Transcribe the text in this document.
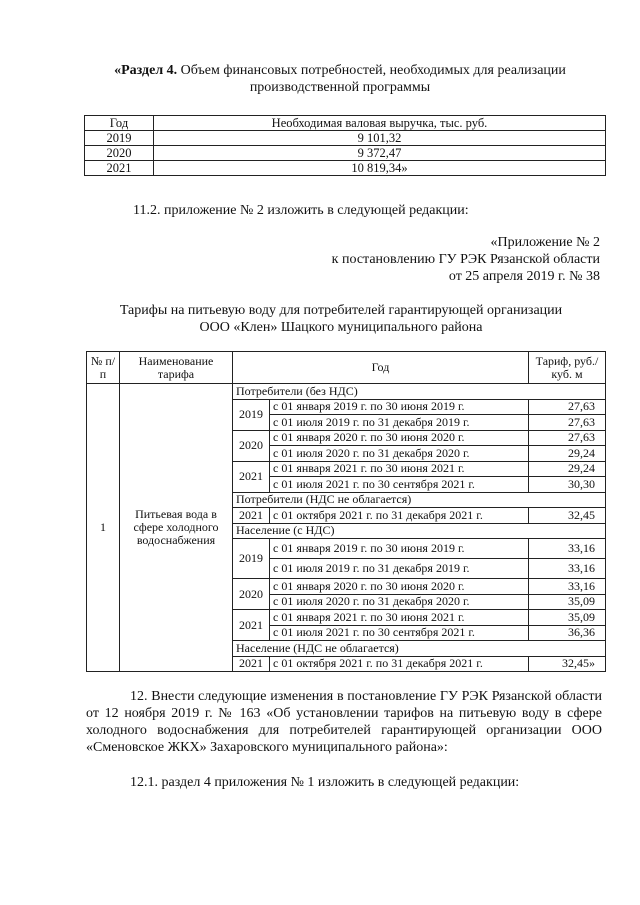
«Раздел 4. Объем финансовых потребностей, необходимых для реализации
производственной программы
Год	Необходимая валовая выручка, тыс. руб.
2019	9 101,32
2020	9 372,47
2021	10 819,34»
11.2. приложение № 2 изложить в следующей редакции:
«Приложение № 2
к постановлению ГУ РЭК Рязанской области
от 25 апреля 2019 г. № 38
Тарифы на питьевую воду для потребителей гарантирующей организации
ООО «Клен» Шацкого муниципального района
№ п/п	Наименование тарифа	Год		Тариф, руб./куб. м
1	Питьевая вода в сфере холодного водоснабжения	Потребители (без НДС)		
		2019	с 01 января 2019 г. по 30 июня 2019 г.	27,63
			с 01 июля 2019 г. по 31 декабря 2019 г.	27,63
		2020	с 01 января 2020 г. по 30 июня 2020 г.	27,63
			с 01 июля 2020 г. по 31 декабря 2020 г.	29,24
		2021	с 01 января 2021 г. по 30 июня 2021 г.	29,24
			с 01 июля 2021 г. по 30 сентября 2021 г.	30,30
		Потребители (НДС не облагается)		
		2021	с 01 октября 2021 г. по 31 декабря 2021 г.	32,45
		Население (с НДС)		
		2019	с 01 января 2019 г. по 30 июня 2019 г.	33,16
			с 01 июля 2019 г. по 31 декабря 2019 г.	33,16
		2020	с 01 января 2020 г. по 30 июня 2020 г.	33,16
			с 01 июля 2020 г. по 31 декабря 2020 г.	35,09
		2021	с 01 января 2021 г. по 30 июня 2021 г.	35,09
			с 01 июля 2021 г. по 30 сентября 2021 г.	36,36
		Население (НДС не облагается)		
		2021	с 01 октября 2021 г. по 31 декабря 2021 г.	32,45»
12. Внести следующие изменения в постановление ГУ РЭК Рязанской области от 12 ноября 2019 г. № 163 «Об установлении тарифов на питьевую воду в сфере холодного водоснабжения для потребителей гарантирующей организации ООО «Сменовское ЖКХ» Захаровского муниципального района»:
12.1. раздел 4 приложения № 1 изложить в следующей редакции:
